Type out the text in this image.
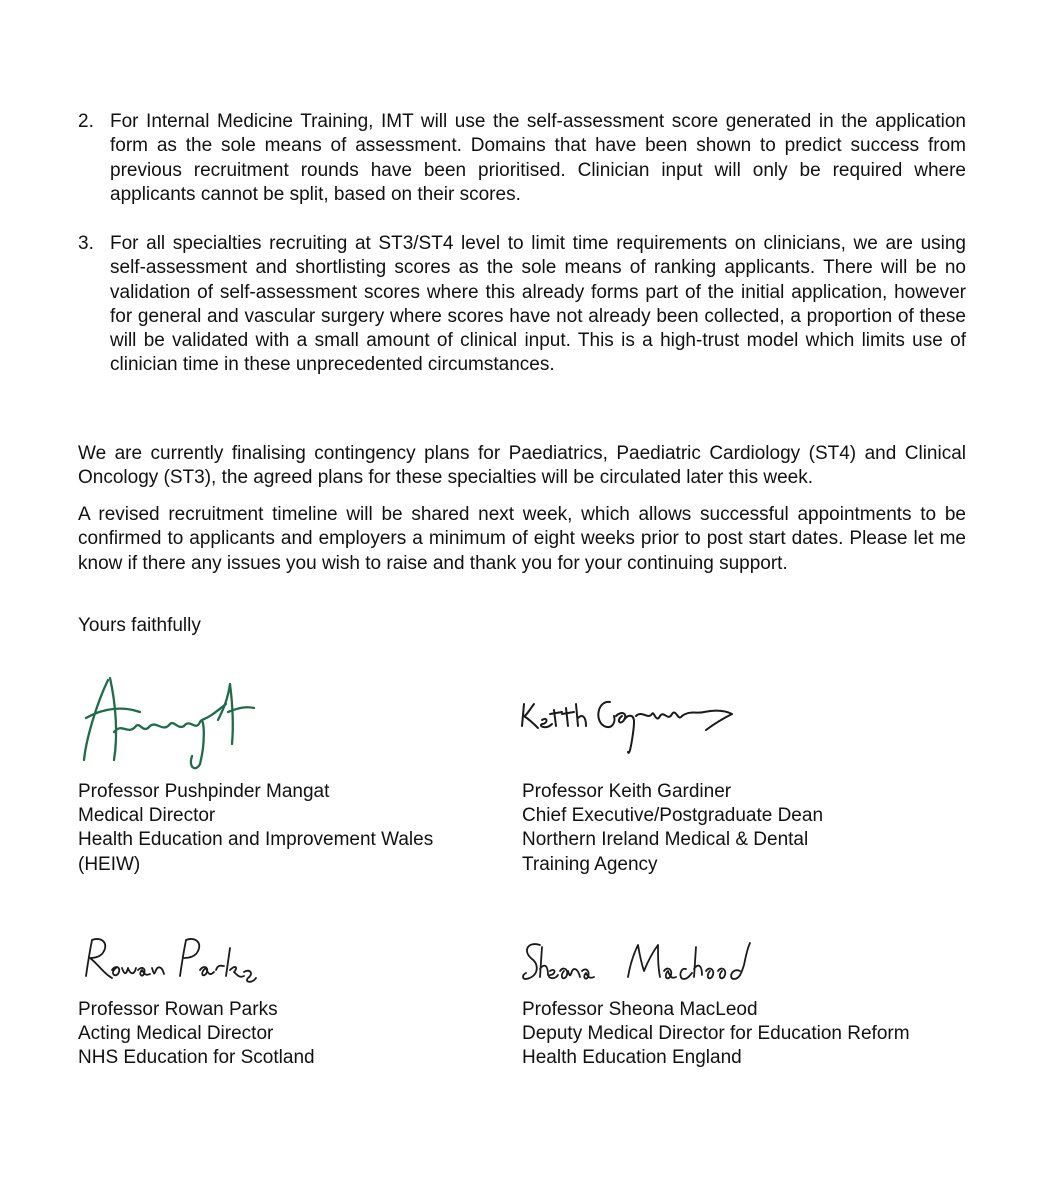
2. For Internal Medicine Training, IMT will use the self-assessment score generated in the application form as the sole means of assessment. Domains that have been shown to predict success from previous recruitment rounds have been prioritised. Clinician input will only be required where applicants cannot be split, based on their scores.
3. For all specialties recruiting at ST3/ST4 level to limit time requirements on clinicians, we are using self-assessment and shortlisting scores as the sole means of ranking applicants. There will be no validation of self-assessment scores where this already forms part of the initial application, however for general and vascular surgery where scores have not already been collected, a proportion of these will be validated with a small amount of clinical input. This is a high-trust model which limits use of clinician time in these unprecedented circumstances.
We are currently finalising contingency plans for Paediatrics, Paediatric Cardiology (ST4) and Clinical Oncology (ST3), the agreed plans for these specialties will be circulated later this week.
A revised recruitment timeline will be shared next week, which allows successful appointments to be confirmed to applicants and employers a minimum of eight weeks prior to post start dates. Please let me know if there any issues you wish to raise and thank you for your continuing support.
Yours faithfully
Professor Pushpinder Mangat
Medical Director
Health Education and Improvement Wales
(HEIW)
Professor Keith Gardiner
Chief Executive/Postgraduate Dean
Northern Ireland Medical & Dental
Training Agency
Professor Rowan Parks
Acting Medical Director
NHS Education for Scotland
Professor Sheona MacLeod
Deputy Medical Director for Education Reform
Health Education England
